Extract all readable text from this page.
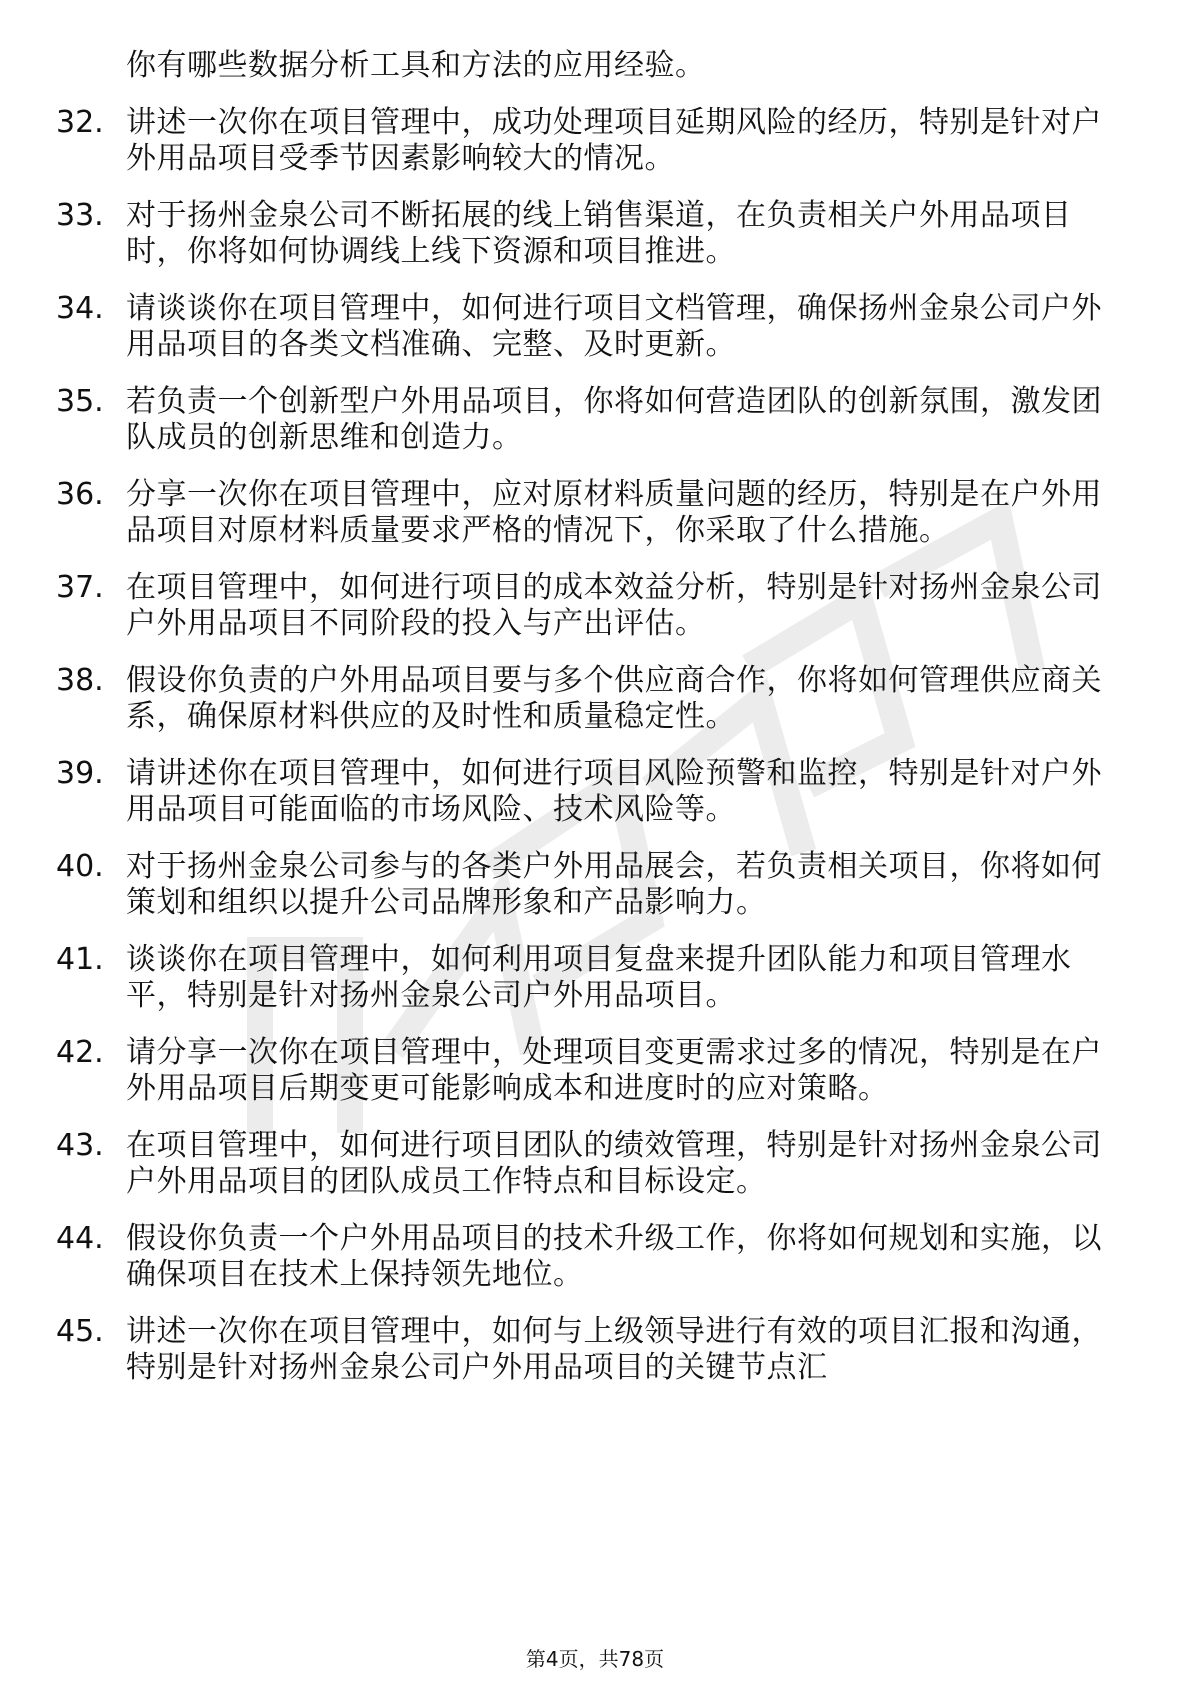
你有哪些数据分析工具和方法的应用经验。
32. 讲述一次你在项目管理中，成功处理项目延期风险的经历，特别是针对户外用品项目受季节因素影响较大的情况。
33. 对于扬州金泉公司不断拓展的线上销售渠道，在负责相关户外用品项目时，你将如何协调线上线下资源和项目推进。
34. 请谈谈你在项目管理中，如何进行项目文档管理，确保扬州金泉公司户外用品项目的各类文档准确、完整、及时更新。
35. 若负责一个创新型户外用品项目，你将如何营造团队的创新氛围，激发团队成员的创新思维和创造力。
36. 分享一次你在项目管理中，应对原材料质量问题的经历，特别是在户外用品项目对原材料质量要求严格的情况下，你采取了什么措施。
37. 在项目管理中，如何进行项目的成本效益分析，特别是针对扬州金泉公司户外用品项目不同阶段的投入与产出评估。
38. 假设你负责的户外用品项目要与多个供应商合作，你将如何管理供应商关系，确保原材料供应的及时性和质量稳定性。
39. 请讲述你在项目管理中，如何进行项目风险预警和监控，特别是针对户外用品项目可能面临的市场风险、技术风险等。
40. 对于扬州金泉公司参与的各类户外用品展会，若负责相关项目，你将如何策划和组织以提升公司品牌形象和产品影响力。
41. 谈谈你在项目管理中，如何利用项目复盘来提升团队能力和项目管理水平，特别是针对扬州金泉公司户外用品项目。
42. 请分享一次你在项目管理中，处理项目变更需求过多的情况，特别是在户外用品项目后期变更可能影响成本和进度时的应对策略。
43. 在项目管理中，如何进行项目团队的绩效管理，特别是针对扬州金泉公司户外用品项目的团队成员工作特点和目标设定。
44. 假设你负责一个户外用品项目的技术升级工作，你将如何规划和实施，以确保项目在技术上保持领先地位。
45. 讲述一次你在项目管理中，如何与上级领导进行有效的项目汇报和沟通，特别是针对扬州金泉公司户外用品项目的关键节点汇
第4页，共78页
